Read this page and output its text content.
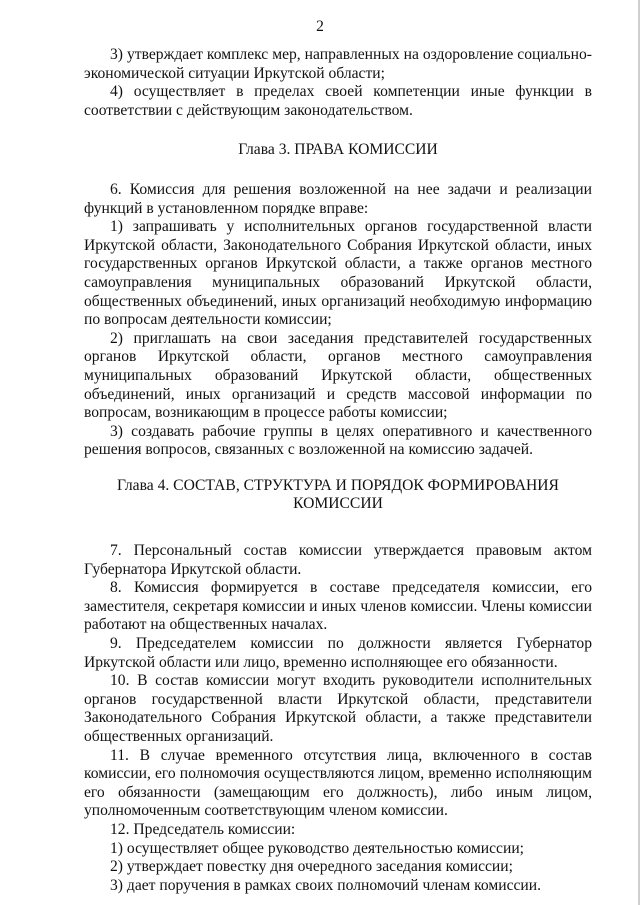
2

3) утверждает комплекс мер, направленных на оздоровление социально-экономической ситуации Иркутской области;

4) осуществляет в пределах своей компетенции иные функции в соответствии с действующим законодательством.

Глава 3. ПРАВА КОМИССИИ

6. Комиссия для решения возложенной на нее задачи и реализации функций в установленном порядке вправе:

1) запрашивать у исполнительных органов государственной власти Иркутской области, Законодательного Собрания Иркутской области, иных государственных органов Иркутской области, а также органов местного самоуправления муниципальных образований Иркутской области, общественных объединений, иных организаций необходимую информацию по вопросам деятельности комиссии;

2) приглашать на свои заседания представителей государственных органов Иркутской области, органов местного самоуправления муниципальных образований Иркутской области, общественных объединений, иных организаций и средств массовой информации по вопросам, возникающим в процессе работы комиссии;

3) создавать рабочие группы в целях оперативного и качественного решения вопросов, связанных с возложенной на комиссию задачей.

Глава 4. СОСТАВ, СТРУКТУРА И ПОРЯДОК ФОРМИРОВАНИЯ КОМИССИИ

7. Персональный состав комиссии утверждается правовым актом Губернатора Иркутской области.

8. Комиссия формируется в составе председателя комиссии, его заместителя, секретаря комиссии и иных членов комиссии. Члены комиссии работают на общественных началах.

9. Председателем комиссии по должности является Губернатор Иркутской области или лицо, временно исполняющее его обязанности.

10. В состав комиссии могут входить руководители исполнительных органов государственной власти Иркутской области, представители Законодательного Собрания Иркутской области, а также представители общественных организаций.

11. В случае временного отсутствия лица, включенного в состав комиссии, его полномочия осуществляются лицом, временно исполняющим его обязанности (замещающим его должность), либо иным лицом, уполномоченным соответствующим членом комиссии.

12. Председатель комиссии:

1) осуществляет общее руководство деятельностью комиссии;

2) утверждает повестку дня очередного заседания комиссии;

3) дает поручения в рамках своих полномочий членам комиссии.
